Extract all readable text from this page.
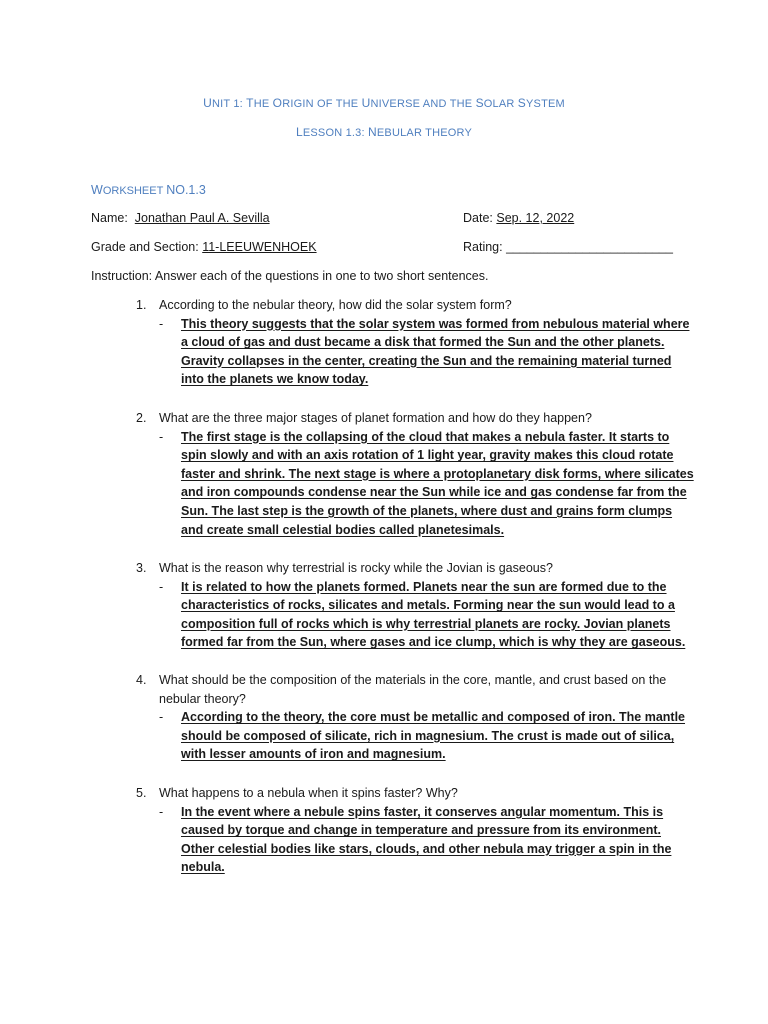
UNIT 1: THE ORIGIN OF THE UNIVERSE AND THE SOLAR SYSTEM
LESSON 1.3: NEBULAR THEORY
WORKSHEET NO.1.3
Name: Jonathan Paul A. Sevilla	Date: Sep. 12, 2022
Grade and Section: 11-LEEUWENHOEK	Rating: ________________________
Instruction: Answer each of the questions in one to two short sentences.
1. According to the nebular theory, how did the solar system form?
- This theory suggests that the solar system was formed from nebulous material where a cloud of gas and dust became a disk that formed the Sun and the other planets. Gravity collapses in the center, creating the Sun and the remaining material turned into the planets we know today.
2. What are the three major stages of planet formation and how do they happen?
- The first stage is the collapsing of the cloud that makes a nebula faster. It starts to spin slowly and with an axis rotation of 1 light year, gravity makes this cloud rotate faster and shrink. The next stage is where a protoplanetary disk forms, where silicates and iron compounds condense near the Sun while ice and gas condense far from the Sun. The last step is the growth of the planets, where dust and grains form clumps and create small celestial bodies called planetesimals.
3. What is the reason why terrestrial is rocky while the Jovian is gaseous?
- It is related to how the planets formed. Planets near the sun are formed due to the characteristics of rocks, silicates and metals. Forming near the sun would lead to a composition full of rocks which is why terrestrial planets are rocky. Jovian planets formed far from the Sun, where gases and ice clump, which is why they are gaseous.
4. What should be the composition of the materials in the core, mantle, and crust based on the nebular theory?
- According to the theory, the core must be metallic and composed of iron. The mantle should be composed of silicate, rich in magnesium. The crust is made out of silica, with lesser amounts of iron and magnesium.
5. What happens to a nebula when it spins faster? Why?
- In the event where a nebule spins faster, it conserves angular momentum. This is caused by torque and change in temperature and pressure from its environment. Other celestial bodies like stars, clouds, and other nebula may trigger a spin in the nebula.
